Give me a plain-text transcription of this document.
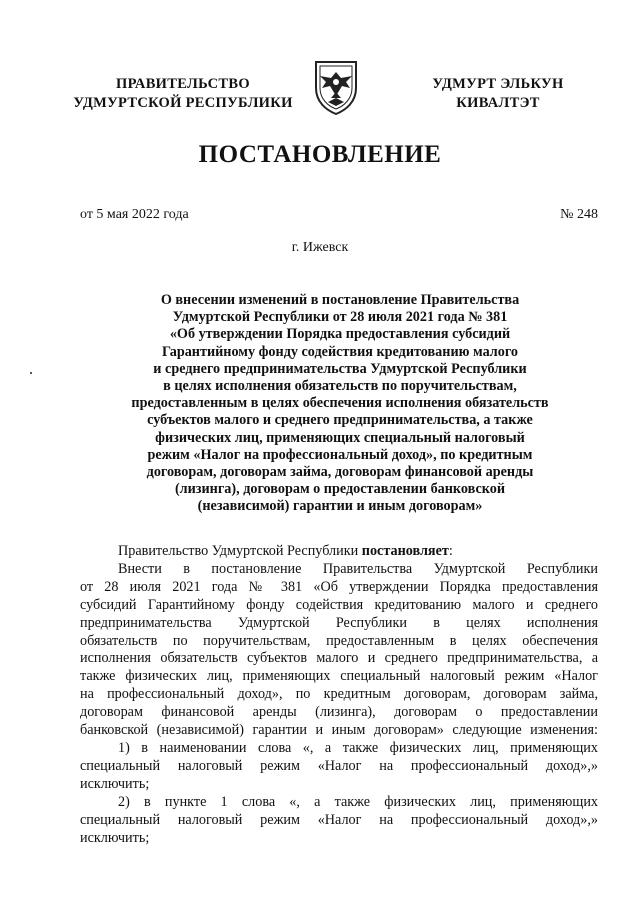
ПРАВИТЕЛЬСТВО
УДМУРТСКОЙ РЕСПУБЛИКИ
УДМУРТ ЭЛЬКУН
КИВАЛТЭТ
ПОСТАНОВЛЕНИЕ
от 5 мая 2022 года	№ 248
г. Ижевск
О внесении изменений в постановление Правительства
Удмуртской Республики от 28 июля 2021 года № 381
«Об утверждении Порядка предоставления субсидий
Гарантийному фонду содействия кредитованию малого
и среднего предпринимательства Удмуртской Республики
в целях исполнения обязательств по поручительствам,
предоставленным в целях обеспечения исполнения обязательств
субъектов малого и среднего предпринимательства, а также
физических лиц, применяющих специальный налоговый
режим «Налог на профессиональный доход», по кредитным
договорам, договорам займа, договорам финансовой аренды
(лизинга), договорам о предоставлении банковской
(независимой) гарантии и иным договорам»
Правительство Удмуртской Республики постановляет:
Внести в постановление Правительства Удмуртской Республики
от 28 июля 2021 года № 381 «Об утверждении Порядка предоставления
субсидий Гарантийному фонду содействия кредитованию малого и среднего
предпринимательства Удмуртской Республики в целях исполнения
обязательств по поручительствам, предоставленным в целях обеспечения
исполнения обязательств субъектов малого и среднего предпринимательства, а
также физических лиц, применяющих специальный налоговый режим «Налог
на профессиональный доход», по кредитным договорам, договорам займа,
договорам финансовой аренды (лизинга), договорам о предоставлении
банковской (независимой) гарантии и иным договорам» следующие изменения:
1) в наименовании слова «, а также физических лиц, применяющих
специальный налоговый режим «Налог на профессиональный доход»,»
исключить;
2) в пункте 1 слова «, а также физических лиц, применяющих
специальный налоговый режим «Налог на профессиональный доход»,»
исключить;
